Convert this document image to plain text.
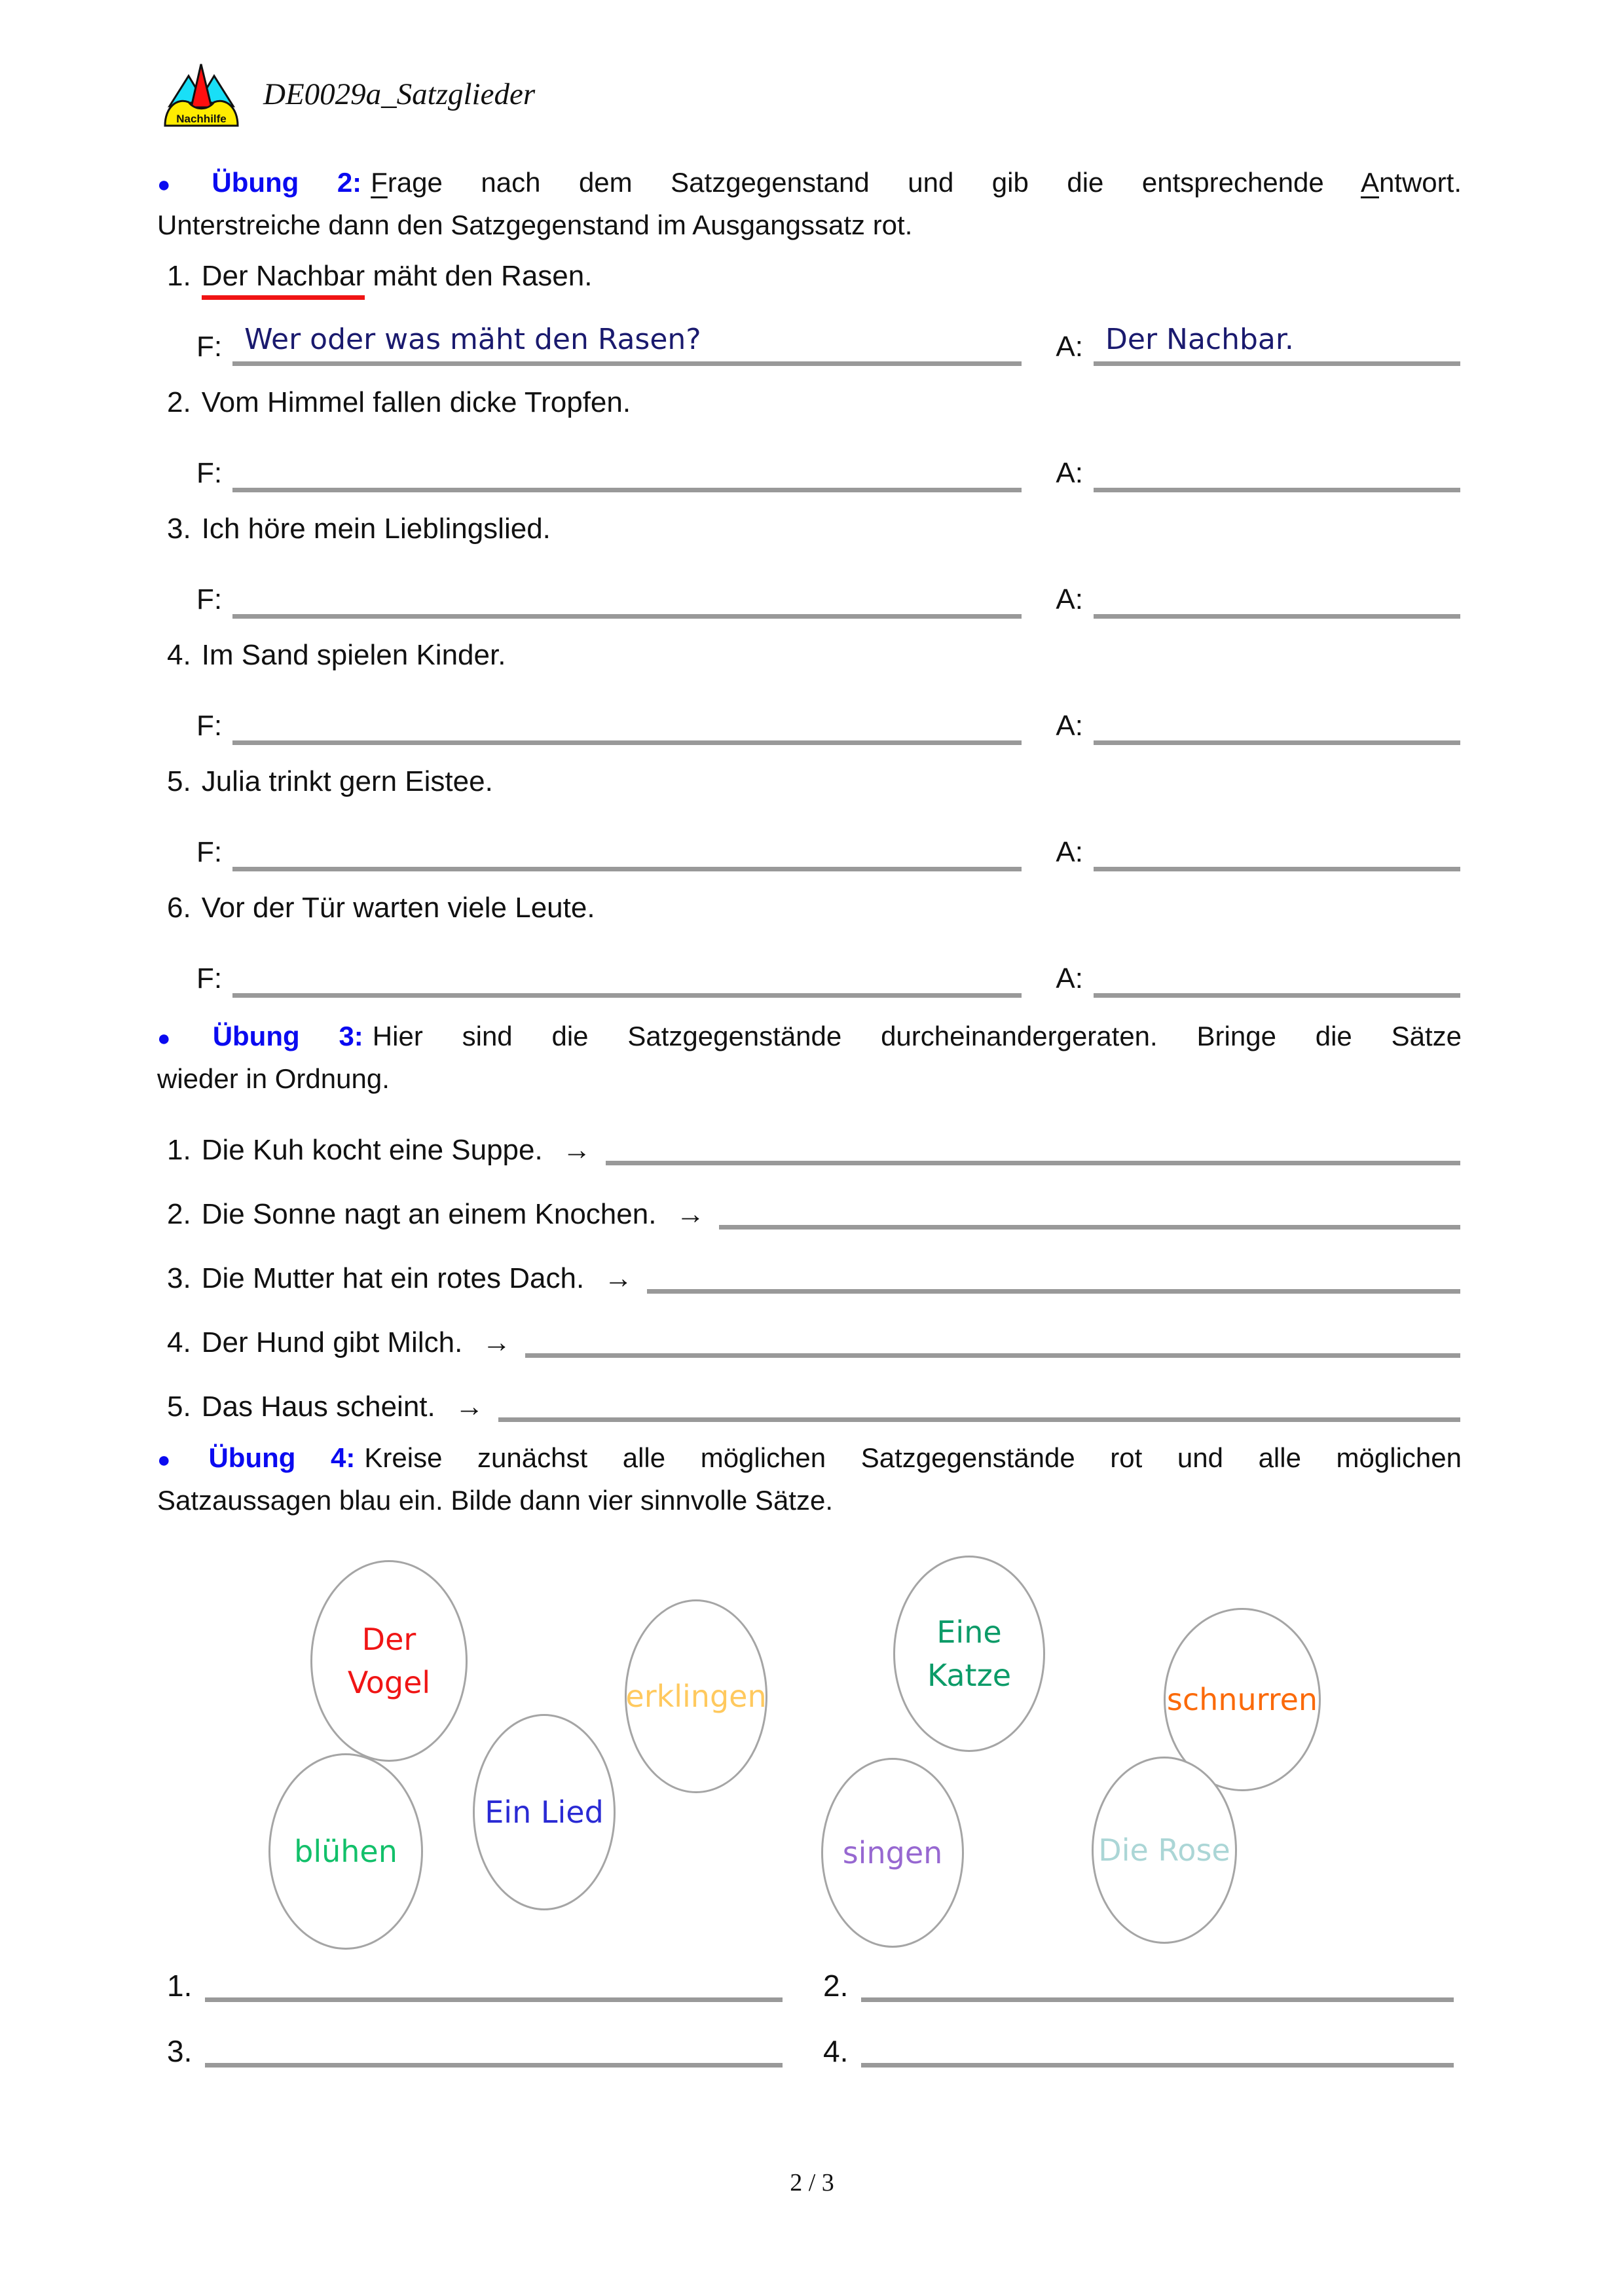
Nachhilfe
DE0029a_Satzglieder
● Übung 2: Frage nach dem Satzgegenstand und gib die entsprechende Antwort.
Unterstreiche dann den Satzgegenstand im Ausgangssatz rot.
1. Der Nachbar mäht den Rasen.
F: Wer oder was mäht den Rasen?	A: Der Nachbar.
2. Vom Himmel fallen dicke Tropfen.
F:	A:
3. Ich höre mein Lieblingslied.
F:	A:
4. Im Sand spielen Kinder.
F:	A:
5. Julia trinkt gern Eistee.
F:	A:
6. Vor der Tür warten viele Leute.
F:	A:
● Übung 3: Hier sind die Satzgegenstände durcheinandergeraten. Bringe die Sätze
wieder in Ordnung.
1. Die Kuh kocht eine Suppe. →
2. Die Sonne nagt an einem Knochen. →
3. Die Mutter hat ein rotes Dach. →
4. Der Hund gibt Milch. →
5. Das Haus scheint. →
● Übung 4: Kreise zunächst alle möglichen Satzgegenstände rot und alle möglichen
Satzaussagen blau ein. Bilde dann vier sinnvolle Sätze.
Der
Vogel	erklingen
Eine
Katze
schnurren
blühen
Ein Lied
singen	Die Rose
1.	2.
3.	4.
2 / 3
